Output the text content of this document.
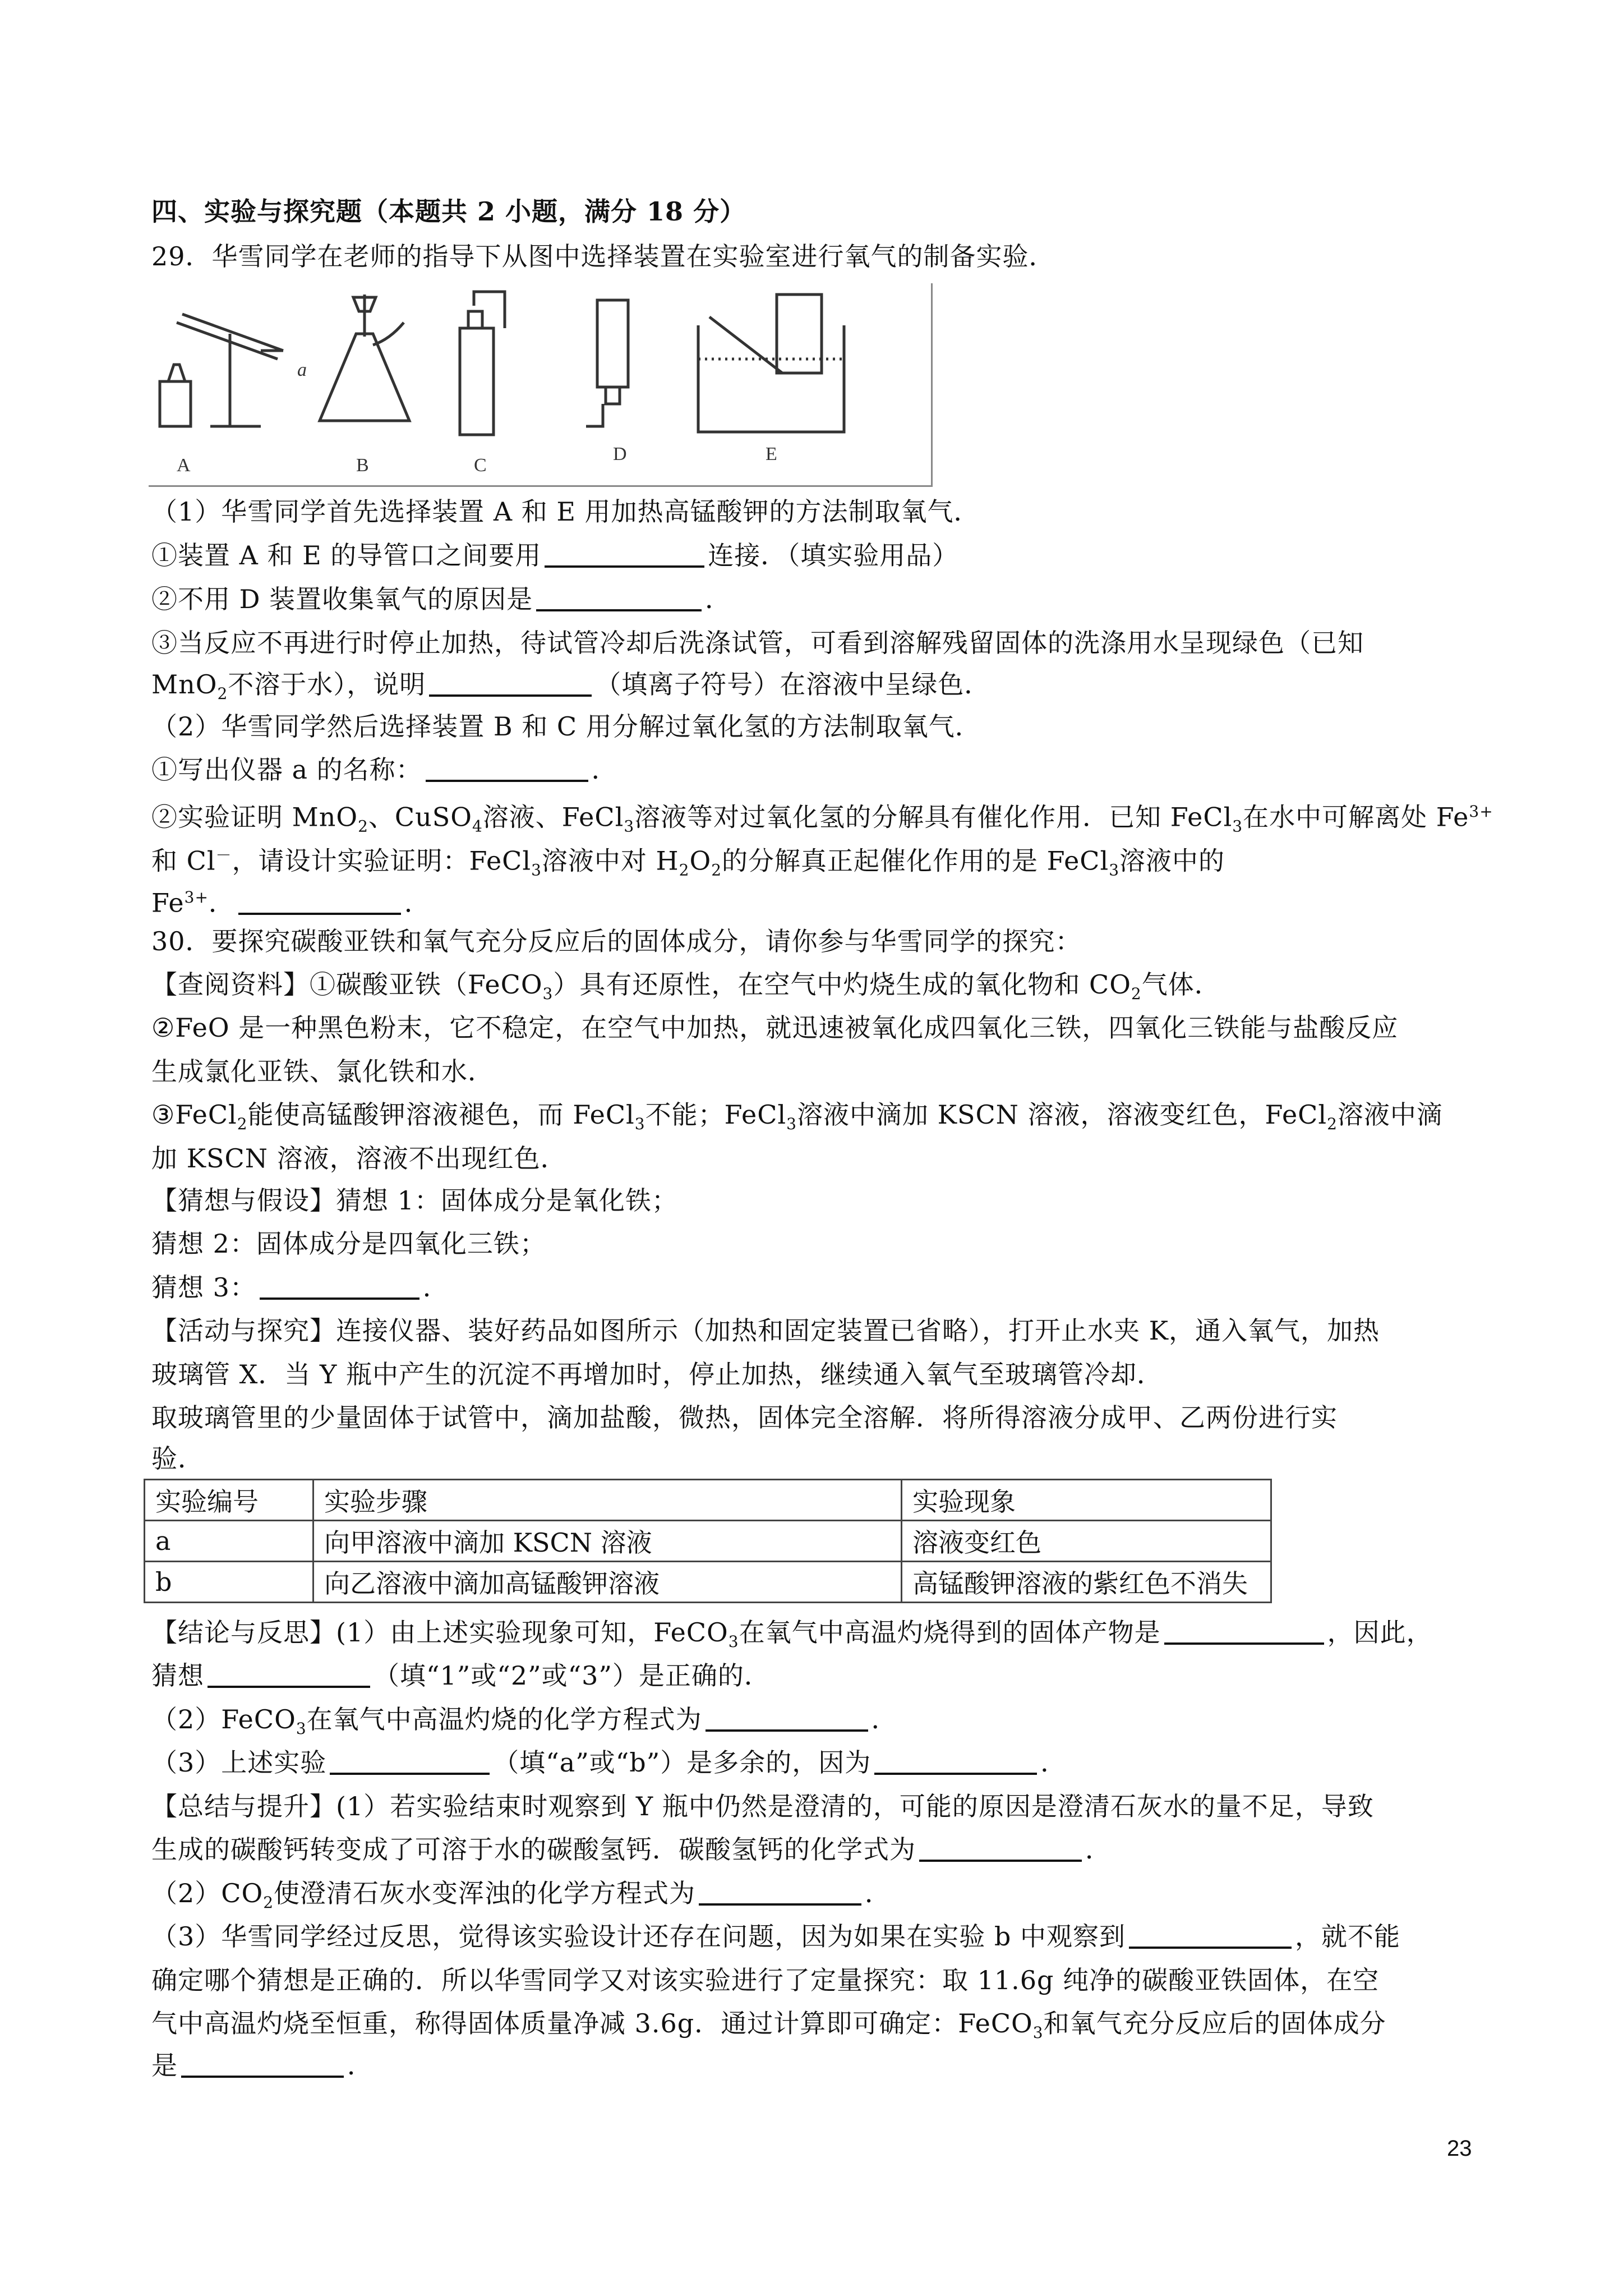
四、实验与探究题（本题共 2 小题，满分 18 分）
29．华雪同学在老师的指导下从图中选择装置在实验室进行氧气的制备实验．
a
A	B	C
D	E
（1）华雪同学首先选择装置 A 和 E 用加热高锰酸钾的方法制取氧气．
①装置 A 和 E 的导管口之间要用	连接．（填实验用品）
②不用 D 装置收集氧气的原因是	．
③当反应不再进行时停止加热，待试管冷却后洗涤试管，可看到溶解残留固体的洗涤用水呈现绿色（已知
MnO$_2$不溶于水），说明	（填离子符号）在溶液中呈绿色．
（2）华雪同学然后选择装置 B 和 C 用分解过氧化氢的方法制取氧气．
①写出仪器 a 的名称：	．
②实验证明 MnO$_2$、CuSO$_4$溶液、FeCl$_3$溶液等对过氧化氢的分解具有催化作用．已知 FeCl$_3$在水中可解离处 $Fe^{3+}$
和 Cl－，请设计实验证明：FeCl$_3$溶液中对 $H_2O_2$的分解真正起催化作用的是 FeCl$_3$溶液中的
$Fe^{3+}$．	．
30．要探究碳酸亚铁和氧气充分反应后的固体成分，请你参与华雪同学的探究：
【查阅资料】①碳酸亚铁（FeCO$_3$）具有还原性，在空气中灼烧生成的氧化物和 $CO_2$气体．
②FeO 是一种黑色粉末，它不稳定，在空气中加热，就迅速被氧化成四氧化三铁，四氧化三铁能与盐酸反应
生成氯化亚铁、氯化铁和水．
③FeCl$_2$能使高锰酸钾溶液褪色，而 FeCl$_3$不能；FeCl$_3$溶液中滴加 KSCN 溶液，溶液变红色，FeCl$_2$溶液中滴
加 KSCN 溶液，溶液不出现红色．
【猜想与假设】猜想 1：固体成分是氧化铁；
猜想 2：固体成分是四氧化三铁；
猜想 3：	．
【活动与探究】连接仪器、装好药品如图所示（加热和固定装置已省略），打开止水夹 K，通入氧气，加热
玻璃管 X．当 Y 瓶中产生的沉淀不再增加时，停止加热，继续通入氧气至玻璃管冷却．
取玻璃管里的少量固体于试管中，滴加盐酸，微热，固体完全溶解．将所得溶液分成甲、乙两份进行实
验．
实验编号	实验步骤	实验现象
a	向甲溶液中滴加 KSCN 溶液	溶液变红色
b	向乙溶液中滴加高锰酸钾溶液	高锰酸钾溶液的紫红色不消失
【结论与反思】(1）由上述实验现象可知，FeCO$_3$在氧气中高温灼烧得到的固体产物是	，因此，
猜想	（填“1”或“2”或“3”）是正确的．
（2）FeCO$_3$在氧气中高温灼烧的化学方程式为	．
（3）上述实验	（填“a”或“b”）是多余的，因为	．
【总结与提升】(1）若实验结束时观察到 Y 瓶中仍然是澄清的，可能的原因是澄清石灰水的量不足，导致
生成的碳酸钙转变成了可溶于水的碳酸氢钙．碳酸氢钙的化学式为	．
$(2)CO_2$使澄清石灰水变浑浊的化学方程式为	．
（3）华雪同学经过反思，觉得该实验设计还存在问题，因为如果在实验 b 中观察到	，就不能
确定哪个猜想是正确的．所以华雪同学又对该实验进行了定量探究：取 11.6g 纯净的碳酸亚铁固体，在空
气中高温灼烧至恒重，称得固体质量净减 3.6g．通过计算即可确定：FeCO$_3$和氧气充分反应后的固体成分
是	．
23
